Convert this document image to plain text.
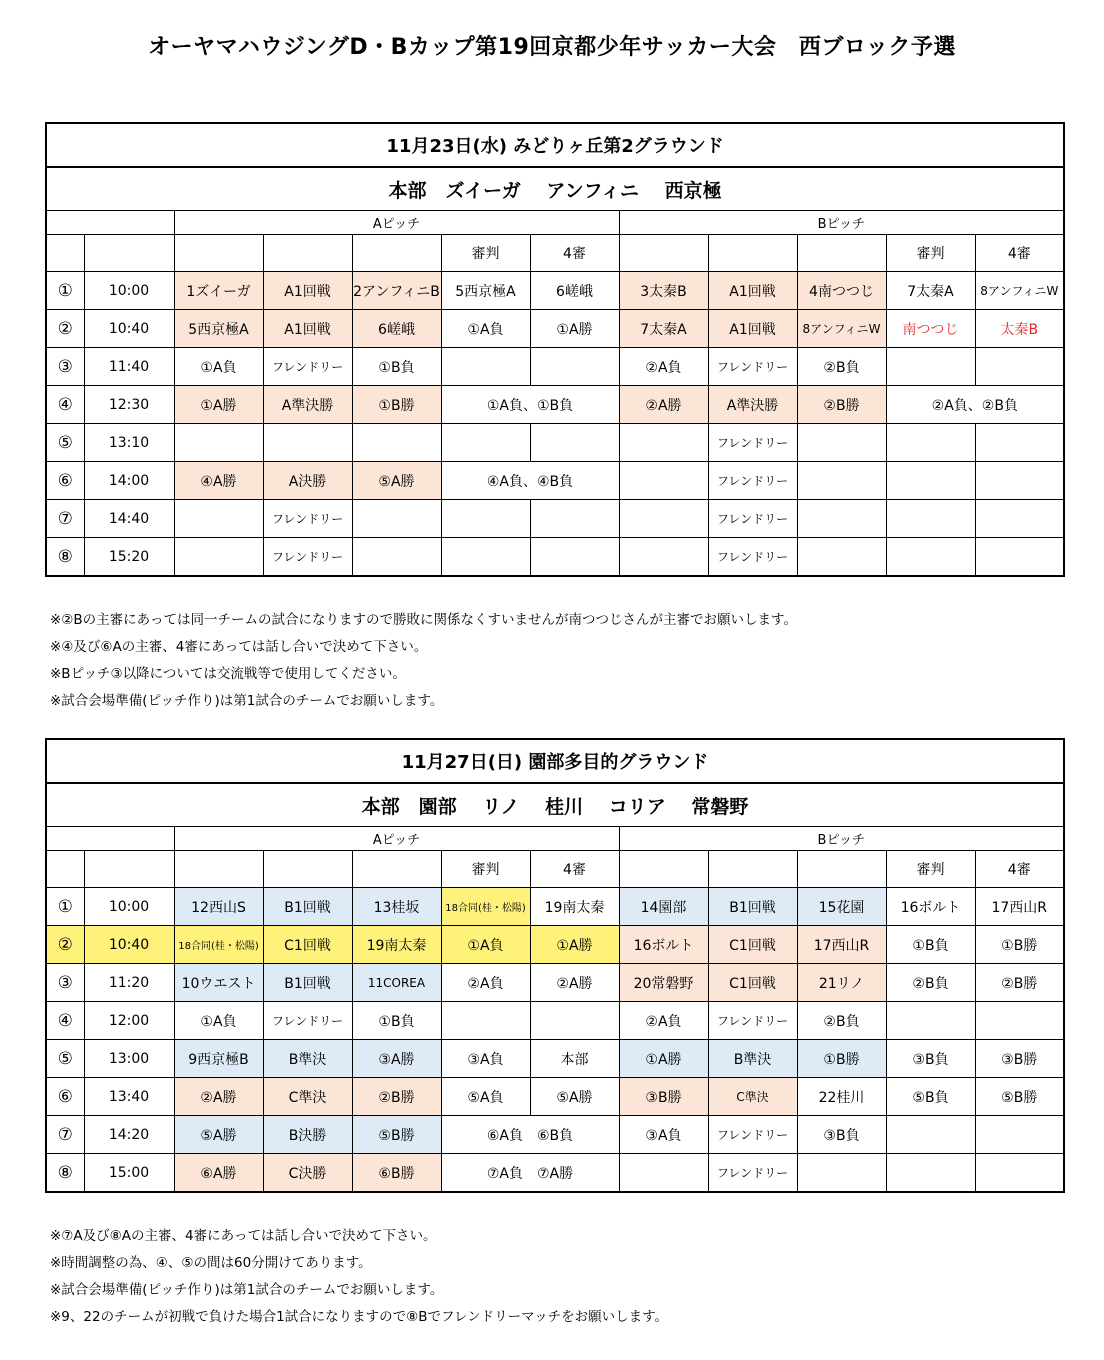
オーヤマハウジングD・Bカップ第19回京都少年サッカー大会　西ブロック予選
11月23日(水) みどりヶ丘第2グラウンド											
本部　ズイーガ　 アンフィニ　 西京極											
		Aピッチ					Bピッチ				
					審判	4審				審判	4審
①	10:00	1ズイーガ	A1回戦	2アンフィニB	5西京極A	6嵯峨	3太秦B	A1回戦	4南つつじ	7太秦A	8アンフィニW
②	10:40	5西京極A	A1回戦	6嵯峨	①A負	①A勝	7太秦A	A1回戦	8アンフィニW	南つつじ	太秦B
③	11:40	①A負	フレンドリー	①B負			②A負	フレンドリー	②B負		
④	12:30	①A勝	A準決勝	①B勝	①A負、①B負		②A勝	A準決勝	②B勝	②A負、②B負	
⑤	13:10							フレンドリー			
⑥	14:00	④A勝	A決勝	⑤A勝	④A負、④B負			フレンドリー			
⑦	14:40		フレンドリー					フレンドリー			
⑧	15:20		フレンドリー					フレンドリー			
※②Bの主審にあっては同一チームの試合になりますので勝敗に関係なくすいませんが南つつじさんが主審でお願いします。
※④及び⑥Aの主審、4審にあっては話し合いで決めて下さい。
※Bピッチ③以降については交流戦等で使用してください。
※試合会場準備(ピッチ作り)は第1試合のチームでお願いします。
11月27日(日) 園部多目的グラウンド											
本部　園部　 リノ　 桂川　 コリア　 常磐野											
		Aピッチ					Bピッチ				
					審判	4審				審判	4審
①	10:00	12西山S	B1回戦	13桂坂	18合同(桂・松陽)	19南太秦	14園部	B1回戦	15花園	16ボルト	17西山R
②	10:40	18合同(桂・松陽)	C1回戦	19南太秦	①A負	①A勝	16ボルト	C1回戦	17西山R	①B負	①B勝
③	11:20	10ウエスト	B1回戦	11COREA	②A負	②A勝	20常磐野	C1回戦	21リノ	②B負	②B勝
④	12:00	①A負	フレンドリー	①B負			②A負	フレンドリー	②B負		
⑤	13:00	9西京極B	B準決	③A勝	③A負	本部	①A勝	B準決	①B勝	③B負	③B勝
⑥	13:40	②A勝	C準決	②B勝	⑤A負	⑤A勝	③B勝	C準決	22桂川	⑤B負	⑤B勝
⑦	14:20	⑤A勝	B決勝	⑤B勝	⑥A負　⑥B負		③A負	フレンドリー	③B負		
⑧	15:00	⑥A勝	C決勝	⑥B勝	⑦A負　⑦A勝			フレンドリー			
※⑦A及び⑧Aの主審、4審にあっては話し合いで決めて下さい。
※時間調整の為、④、⑤の間は60分開けてあります。
※試合会場準備(ピッチ作り)は第1試合のチームでお願いします。
※9、22のチームが初戦で負けた場合1試合になりますので⑧Bでフレンドリーマッチをお願いします。
